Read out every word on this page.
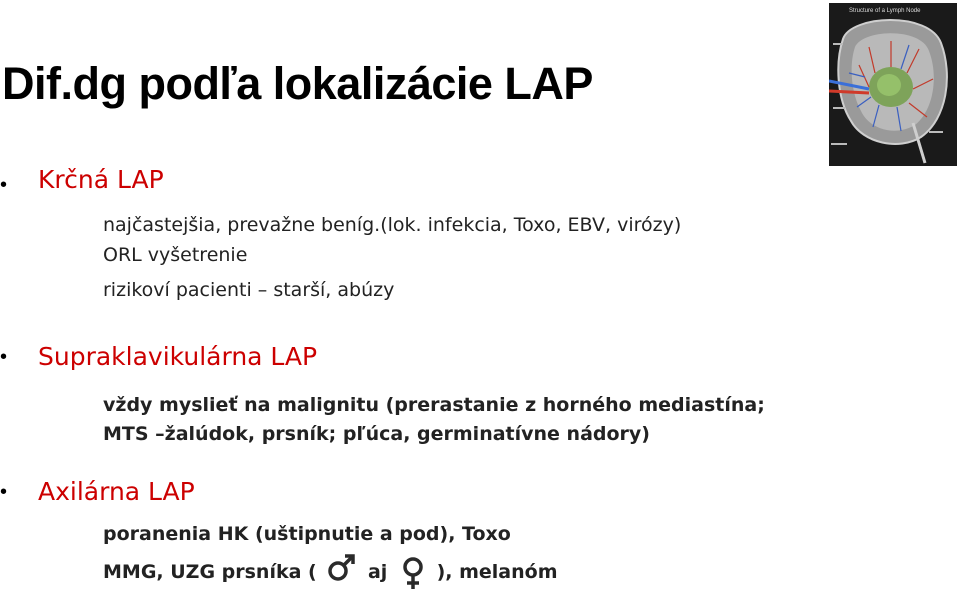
Dif.dg podľa lokalizácie LAP
Structure of a Lymph Node
• Krčná LAP
najčastejšia, prevažne beníg.(lok. infekcia, Toxo, EBV, virózy)
ORL vyšetrenie
rizikoví pacienti – starší, abúzy
• Supraklavikulárna LAP
vždy myslieť na malignitu (prerastanie z horného mediastína;
MTS –žalúdok, prsník; pľúca, germinatívne nádory)
• Axilárna LAP
poranenia HK (uštipnutie a pod), Toxo
MMG, UZG prsníka (	aj	), melanóm
